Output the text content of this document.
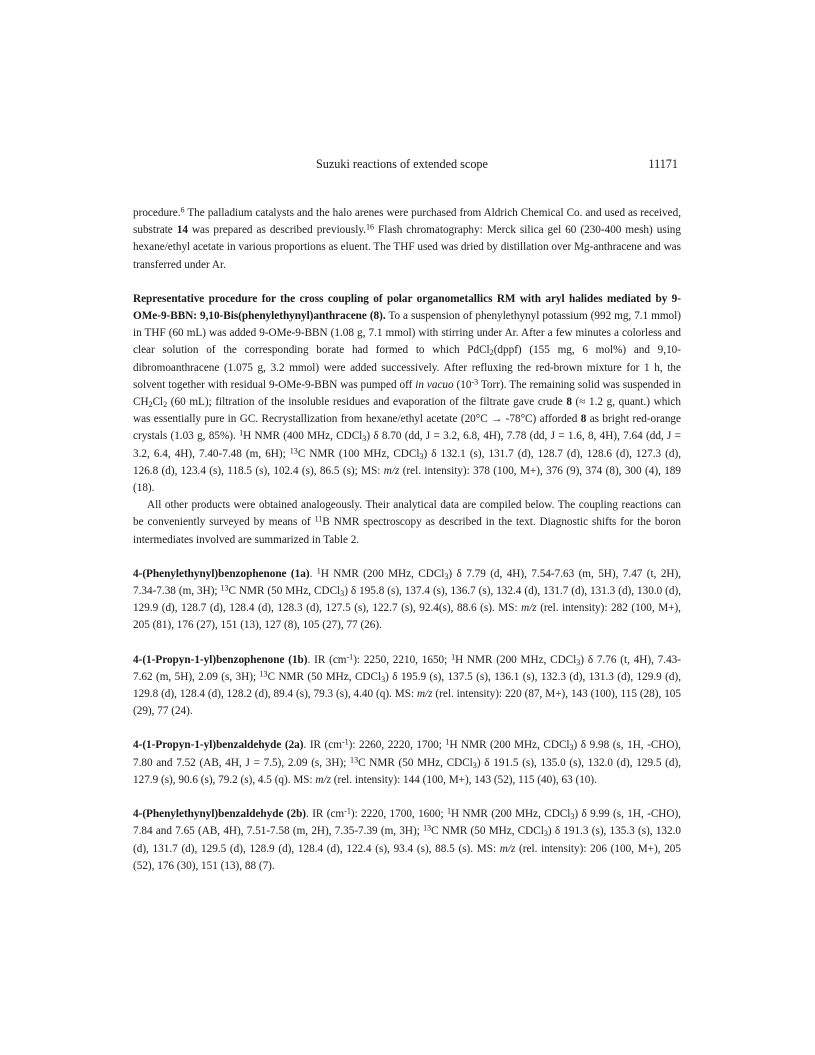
Suzuki reactions of extended scope	11171

procedure.$^6$ The palladium catalysts and the halo arenes were purchased from Aldrich Chemical Co. and used as received, substrate 14 was prepared as described previously.$^{16}$ Flash chromatography: Merck silica gel 60 (230-400 mesh) using hexane/ethyl acetate in various proportions as eluent. The THF used was dried by distillation over Mg-anthracene and was transferred under Ar.

Representative procedure for the cross coupling of polar organometallics RM with aryl halides mediated by 9-OMe-9-BBN: 9,10-Bis(phenylethynyl)anthracene (8). To a suspension of phenylethynyl potassium (992 mg, 7.1 mmol) in THF (60 mL) was added 9-OMe-9-BBN (1.08 g, 7.1 mmol) with stirring under Ar. After a few minutes a colorless and clear solution of the corresponding borate had formed to which PdCl$_2$(dppf) (155 mg, 6 mol%) and 9,10-dibromoanthracene (1.075 g, 3.2 mmol) were added successively. After refluxing the red-brown mixture for 1 h, the solvent together with residual 9-OMe-9-BBN was pumped off in vacuo ($10^{-3}$ Torr). The remaining solid was suspended in $CH_2Cl_2$ (60 mL); filtration of the insoluble residues and evaporation of the filtrate gave crude 8 (≈ 1.2 g, quant.) which was essentially pure in GC. Recrystallization from hexane/ethyl acetate (20°C → -78°C) afforded 8 as bright red-orange crystals (1.03 g, 85%). $^1$H NMR (400 MHz, CDCl$_3$) δ 8.70 (dd, J = 3.2, 6.8, 4H), 7.78 (dd, J = 1.6, 8, 4H), 7.64 (dd, J = 3.2, 6.4, 4H), 7.40-7.48 (m, 6H); $^{13}$C NMR (100 MHz, CDCl$_3$) δ 132.1 (s), 131.7 (d), 128.7 (d), 128.6 (d), 127.3 (d), 126.8 (d), 123.4 (s), 118.5 (s), 102.4 (s), 86.5 (s); MS: m/z (rel. intensity): 378 (100, M+), 376 (9), 374 (8), 300 (4), 189 (18).

All other products were obtained analogeously. Their analytical data are compiled below. The coupling reactions can be conveniently surveyed by means of $^{11}$B NMR spectroscopy as described in the text. Diagnostic shifts for the boron intermediates involved are summarized in Table 2.

4-(Phenylethynyl)benzophenone (1a). $^1$H NMR (200 MHz, CDCl$_3$) δ 7.79 (d, 4H), 7.54-7.63 (m, 5H), 7.47 (t, 2H), 7.34-7.38 (m, 3H); $^{13}$C NMR (50 MHz, CDCl$_3$) δ 195.8 (s), 137.4 (s), 136.7 (s), 132.4 (d), 131.7 (d), 131.3 (d), 130.0 (d), 129.9 (d), 128.7 (d), 128.4 (d), 128.3 (d), 127.5 (s), 122.7 (s), 92.4(s), 88.6 (s). MS: m/z (rel. intensity): 282 (100, M+), 205 (81), 176 (27), 151 (13), 127 (8), 105 (27), 77 (26).

4-(1-Propyn-1-yl)benzophenone (1b). IR $(cm^{-1})$: 2250, 2210, 1650; $^1$H NMR (200 MHz, CDCl$_3$) δ 7.76 (t, 4H), 7.43-7.62 (m, 5H), 2.09 (s, 3H); $^{13}$C NMR (50 MHz, CDCl$_3$) δ 195.9 (s), 137.5 (s), 136.1 (s), 132.3 (d), 131.3 (d), 129.9 (d), 129.8 (d), 128.4 (d), 128.2 (d), 89.4 (s), 79.3 (s), 4.40 (q). MS: m/z (rel. intensity): 220 (87, M+), 143 (100), 115 (28), 105 (29), 77 (24).

4-(1-Propyn-1-yl)benzaldehyde (2a). IR $(cm^{-1})$: 2260, 2220, 1700; $^1$H NMR (200 MHz, CDCl$_3$) δ 9.98 (s, 1H, -CHO), 7.80 and 7.52 (AB, 4H, J = 7.5), 2.09 (s, 3H); $^{13}$C NMR (50 MHz, CDCl$_3$) δ 191.5 (s), 135.0 (s), 132.0 (d), 129.5 (d), 127.9 (s), 90.6 (s), 79.2 (s), 4.5 (q). MS: m/z (rel. intensity): 144 (100, M+), 143 (52), 115 (40), 63 (10).

4-(Phenylethynyl)benzaldehyde (2b). IR $(cm^{-1})$: 2220, 1700, 1600; $^1$H NMR (200 MHz, CDCl$_3$) δ 9.99 (s, 1H, -CHO), 7.84 and 7.65 (AB, 4H), 7.51-7.58 (m, 2H), 7.35-7.39 (m, 3H); $^{13}$C NMR (50 MHz, CDCl$_3$) δ 191.3 (s), 135.3 (s), 132.0 (d), 131.7 (d), 129.5 (d), 128.9 (d), 128.4 (d), 122.4 (s), 93.4 (s), 88.5 (s). MS: m/z (rel. intensity): 206 (100, M+), 205 (52), 176 (30), 151 (13), 88 (7).
